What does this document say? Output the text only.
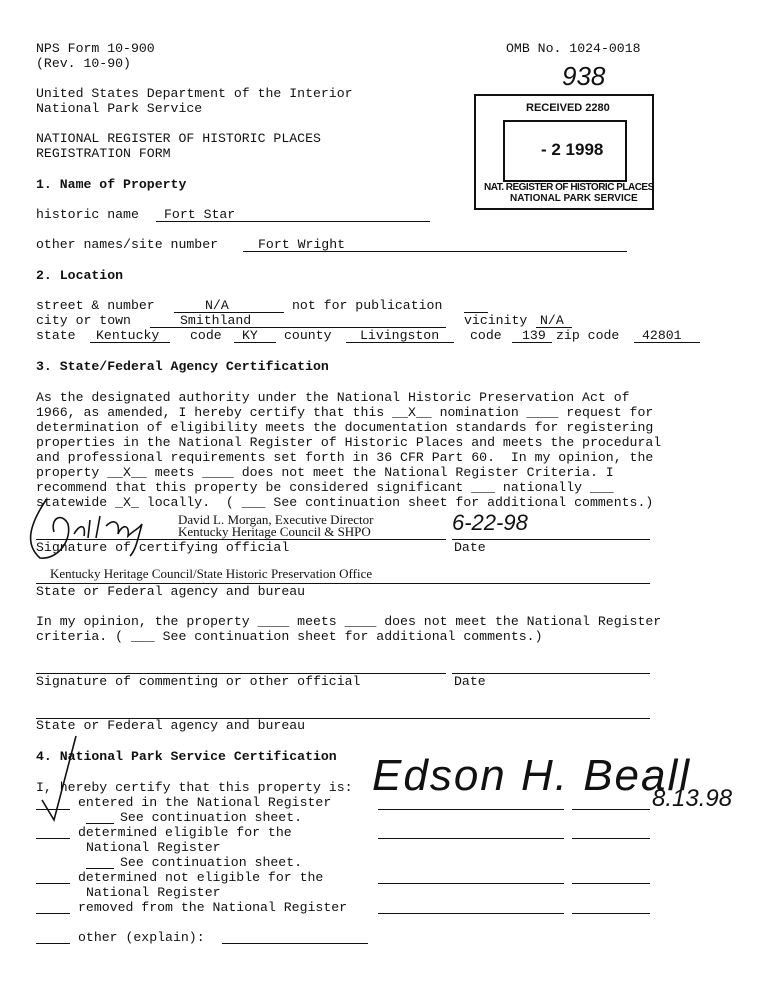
NPS Form 10-900
(Rev. 10-90)
OMB No. 1024-0018
938
United States Department of the Interior
National Park Service
NATIONAL REGISTER OF HISTORIC PLACES
REGISTRATION FORM
RECEIVED 2280
- 2 1998
NAT. REGISTER OF HISTORIC PLACES
NATIONAL PARK SERVICE
1. Name of Property
historic name Fort Star
other names/site number	Fort Wright
2. Location
street & number	N/A	not for publication
city or town	Smithland	vicinity N/A
state Kentucky code KY county Livingston code 139 zip code 42801
3. State/Federal Agency Certification
As the designated authority under the National Historic Preservation Act of
1966, as amended, I hereby certify that this __X__ nomination ____ request for
determination of eligibility meets the documentation standards for registering
properties in the National Register of Historic Places and meets the procedural
and professional requirements set forth in 36 CFR Part 60.  In my opinion, the
property __X__ meets ____ does not meet the National Register Criteria. I
recommend that this property be considered significant ___ nationally ___
statewide _X_ locally.  ( ___ See continuation sheet for additional comments.)
David L. Morgan, Executive Director
Kentucky Heritage Council & SHPO	6-22-98
Signature of certifying official	Date
Kentucky Heritage Council/State Historic Preservation Office
State or Federal agency and bureau
In my opinion, the property ____ meets ____ does not meet the National Register
criteria. ( ___ See continuation sheet for additional comments.)
Signature of commenting or other official	Date
State or Federal agency and bureau
4. National Park Service Certification
I, hereby certify that this property is: Edson H. Beall
8.13.98
entered in the National Register
See continuation sheet.
determined eligible for the
National Register
See continuation sheet.
determined not eligible for the
National Register
removed from the National Register
other (explain):
